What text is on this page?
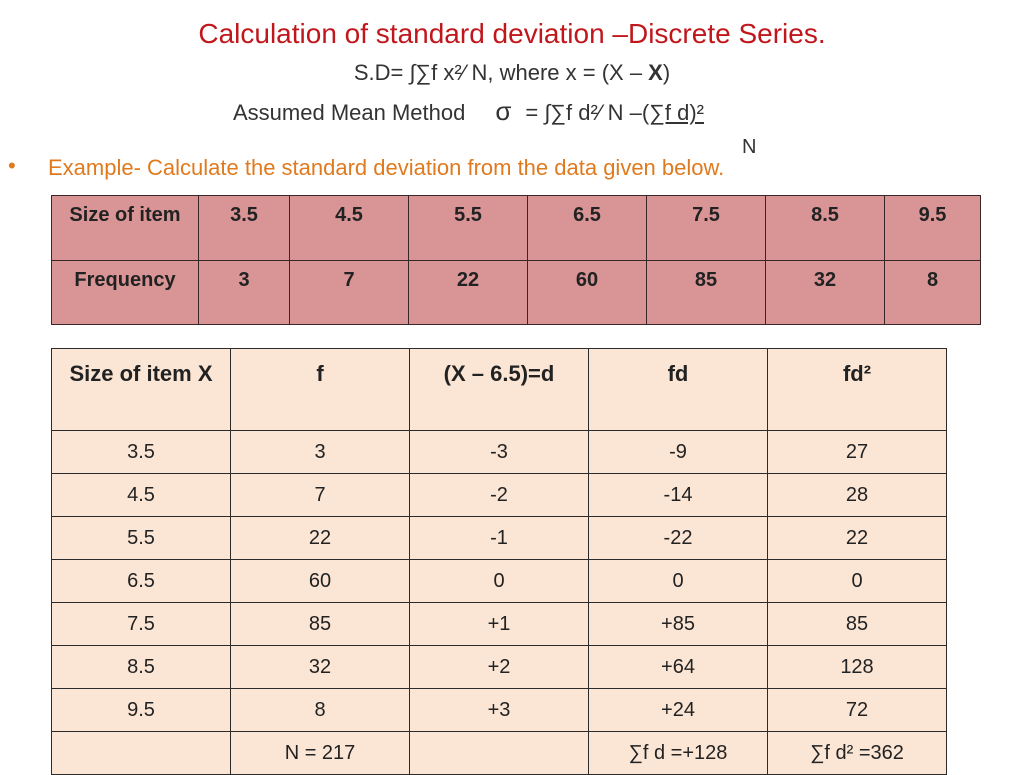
Calculation of standard deviation –Discrete Series.
S.D= ∫∑f x²⁄ N, where x = (X – X)
Assumed Mean Method σ = ∫∑f d²⁄ N –(∑f d)²
N
• Example- Calculate the standard deviation from the data given below.
Size of item	3.5	4.5	5.5	6.5	7.5	8.5	9.5
Frequency	3	7	22	60	85	32	8
Size of item X	f	(X – 6.5)=d	fd	fd²
3.5	3	-3	-9	27
4.5	7	-2	-14	28
5.5	22	-1	-22	22
6.5	60	0	0	0
7.5	85	+1	+85	85
8.5	32	+2	+64	128
9.5	8	+3	+24	72
	N = 217		∑f d =+128	∑f d² =362
